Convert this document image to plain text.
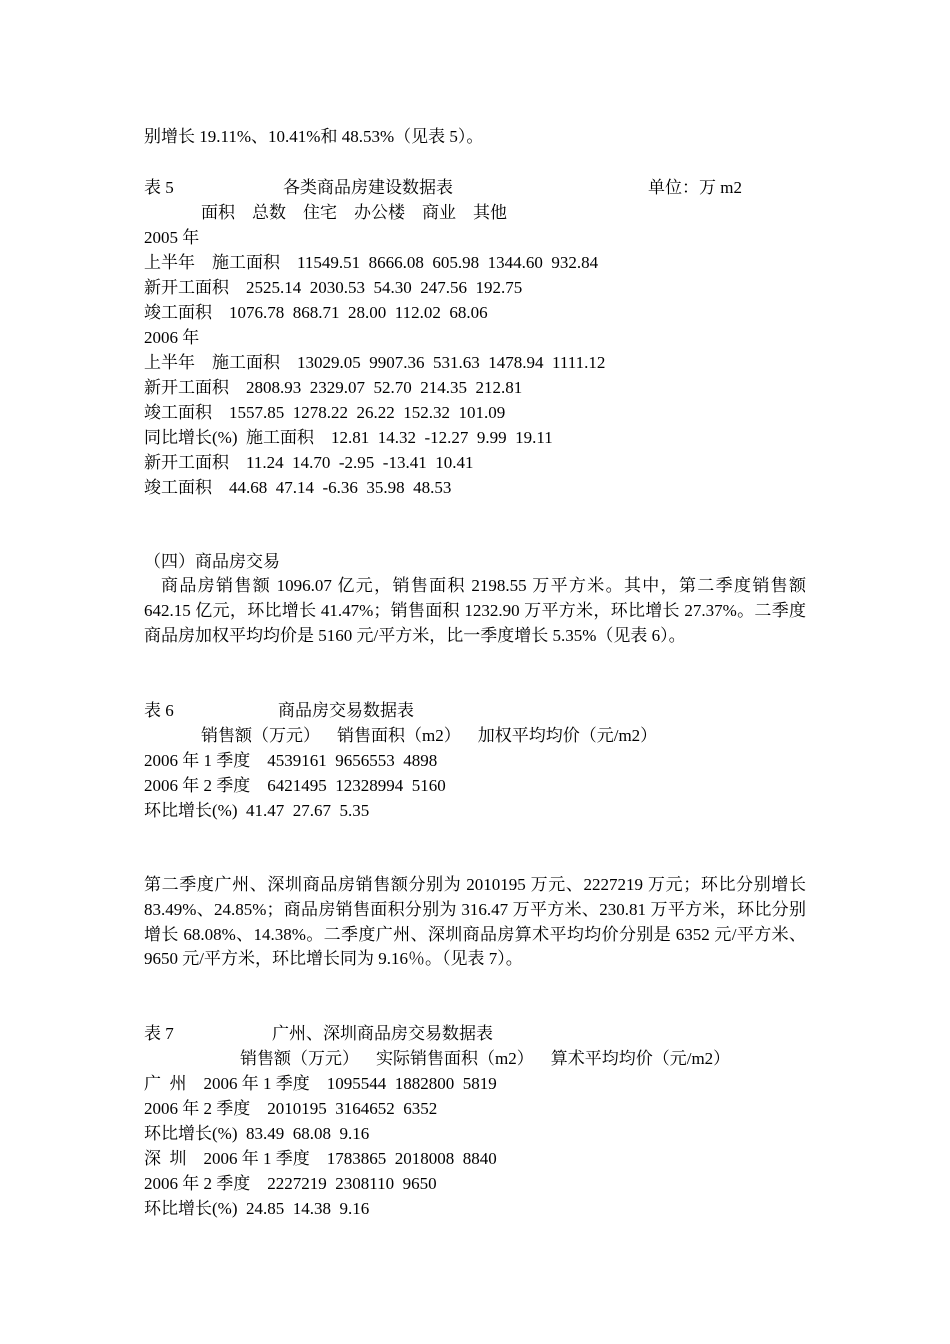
别增长 19.11%、10.41%和 48.53%（见表 5）。
表 5	各类商品房建设数据表	单位：万 m2
面积    总数    住宅    办公楼    商业    其他
2005 年
上半年    施工面积    11549.51  8666.08  605.98  1344.60  932.84
新开工面积    2525.14  2030.53  54.30  247.56  192.75
竣工面积    1076.78  868.71  28.00  112.02  68.06
2006 年
上半年    施工面积    13029.05  9907.36  531.63  1478.94  1111.12
新开工面积    2808.93  2329.07  52.70  214.35  212.81
竣工面积    1557.85  1278.22  26.22  152.32  101.09
同比增长(%)  施工面积    12.81  14.32  -12.27  9.99  19.11
新开工面积    11.24  14.70  -2.95  -13.41  10.41
竣工面积    44.68  47.14  -6.36  35.98  48.53
（四）商品房交易
商品房销售额 1096.07 亿元，销售面积 2198.55 万平方米。其中，第二季度销售额 642.15 亿元，环比增长 41.47%；销售面积 1232.90 万平方米，环比增长 27.37%。二季度商品房加权平均均价是 5160 元/平方米，比一季度增长 5.35%（见表 6）。
表 6	商品房交易数据表
销售额（万元）    销售面积（m2）    加权平均均价（元/m2）
2006 年 1 季度    4539161  9656553  4898
2006 年 2 季度    6421495  12328994  5160
环比增长(%)  41.47  27.67  5.35
第二季度广州、深圳商品房销售额分别为 2010195 万元、2227219 万元；环比分别增长 83.49%、24.85%；商品房销售面积分别为 316.47 万平方米、230.81 万平方米，环比分别增长 68.08%、14.38%。二季度广州、深圳商品房算术平均均价分别是 6352 元/平方米、9650 元/平方米，环比增长同为 9.16％。（见表 7）。
表 7	广州、深圳商品房交易数据表
销售额（万元）    实际销售面积（m2）    算术平均均价（元/m2）
广  州    2006 年 1 季度    1095544  1882800  5819
2006 年 2 季度    2010195  3164652  6352
环比增长(%)  83.49  68.08  9.16
深  圳    2006 年 1 季度    1783865  2018008  8840
2006 年 2 季度    2227219  2308110  9650
环比增长(%)  24.85  14.38  9.16
